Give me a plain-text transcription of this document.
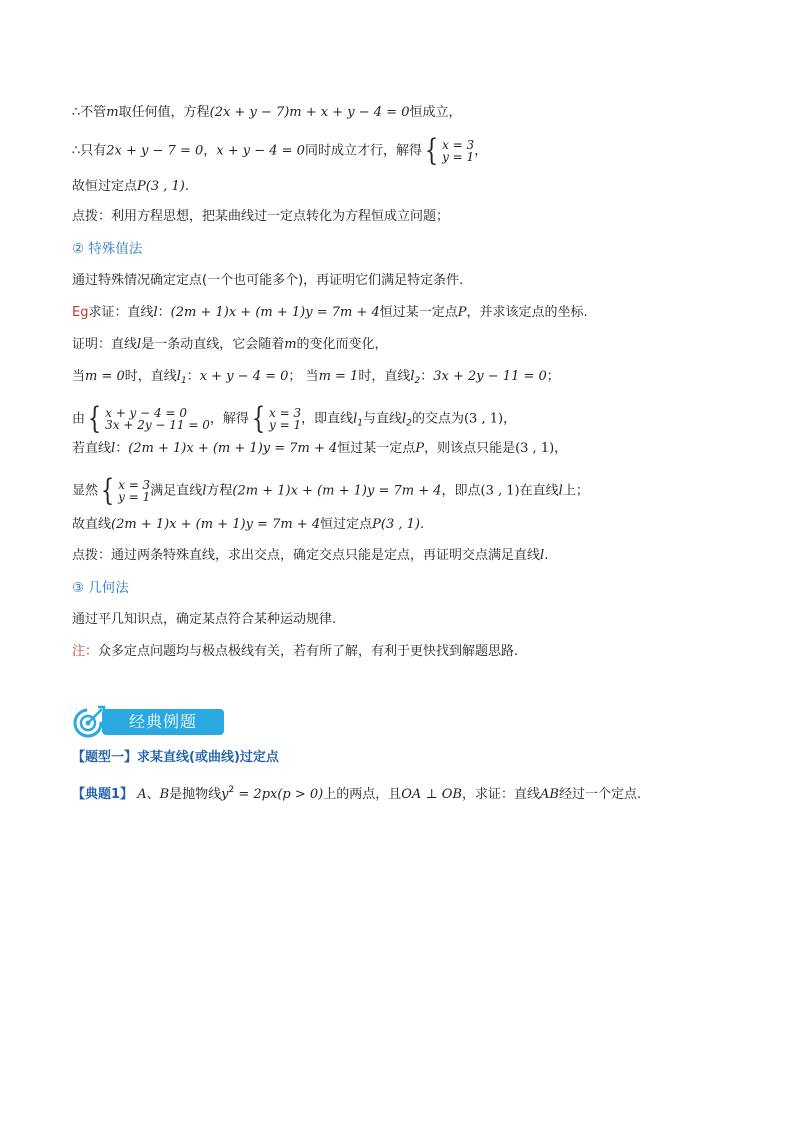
∴不管m取任何值，方程(2x + y − 7)m + x + y − 4 = 0恒成立，
∴只有2x + y − 7 = 0，x + y − 4 = 0同时成立才行，解得 { x = 3
y = 1 ，
故恒过定点P(3 , 1).
点拨：利用方程思想，把某曲线过一定点转化为方程恒成立问题；
② 特殊值法
通过特殊情况确定定点(一个也可能多个)，再证明它们满足特定条件.
Eg求证：直线l：(2m + 1)x + (m + 1)y = 7m + 4恒过某一定点P，并求该定点的坐标.
证明：直线l是一条动直线，它会随着m的变化而变化，
当m = 0时，直线$l_1$：x + y − 4 = 0； 当m = 1时，直线$l_2$：3x + 2y − 11 = 0；
由 { x + y − 4 = 0
3x + 2y − 11 = 0 ，解得 { x = 3
y = 1 ，即直线$l_1$与直线$l_2$的交点为(3 , 1)，
若直线l：(2m + 1)x + (m + 1)y = 7m + 4恒过某一定点P，则该点只能是(3 , 1)，
显然 { x = 3
y = 1 满足直线l方程(2m + 1)x + (m + 1)y = 7m + 4，即点(3 , 1)在直线l上；
故直线(2m + 1)x + (m + 1)y = 7m + 4恒过定点P(3 , 1).
点拨：通过两条特殊直线，求出交点，确定交点只能是定点，再证明交点满足直线l.
③ 几何法
通过平几知识点，确定某点符合某种运动规律.
注：众多定点问题均与极点极线有关，若有所了解，有利于更快找到解题思路.
经典例题
【题型一】求某直线(或曲线)过定点
【典题1】 A、B是抛物线$y^2 = 2px(p > 0)$上的两点，且OA ⊥ OB，求证：直线AB经过一个定点.
